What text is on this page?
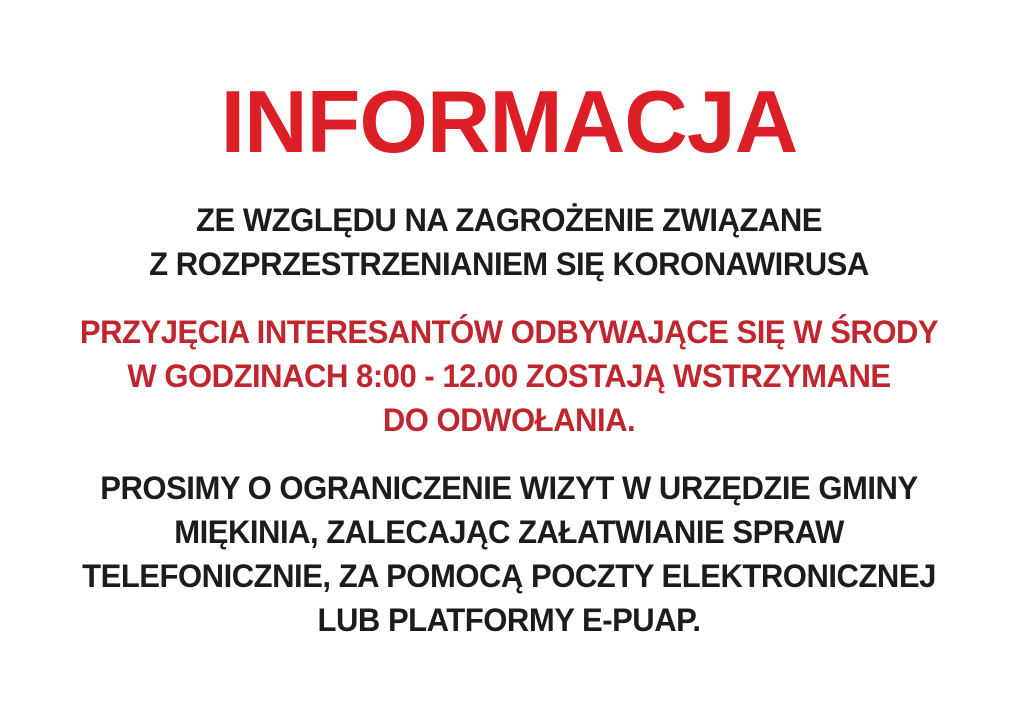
INFORMACJA
ZE WZGLĘDU NA ZAGROŻENIE ZWIĄZANE
Z ROZPRZESTRZENIANIEM SIĘ KORONAWIRUSA
PRZYJĘCIA INTERESANTÓW ODBYWAJĄCE SIĘ W ŚRODY
W GODZINACH 8:00 - 12.00 ZOSTAJĄ WSTRZYMANE
DO ODWOŁANIA.
PROSIMY O OGRANICZENIE WIZYT W URZĘDZIE GMINY
MIĘKINIA, ZALECAJĄC ZAŁATWIANIE SPRAW
TELEFONICZNIE, ZA POMOCĄ POCZTY ELEKTRONICZNEJ
LUB PLATFORMY E-PUAP.
